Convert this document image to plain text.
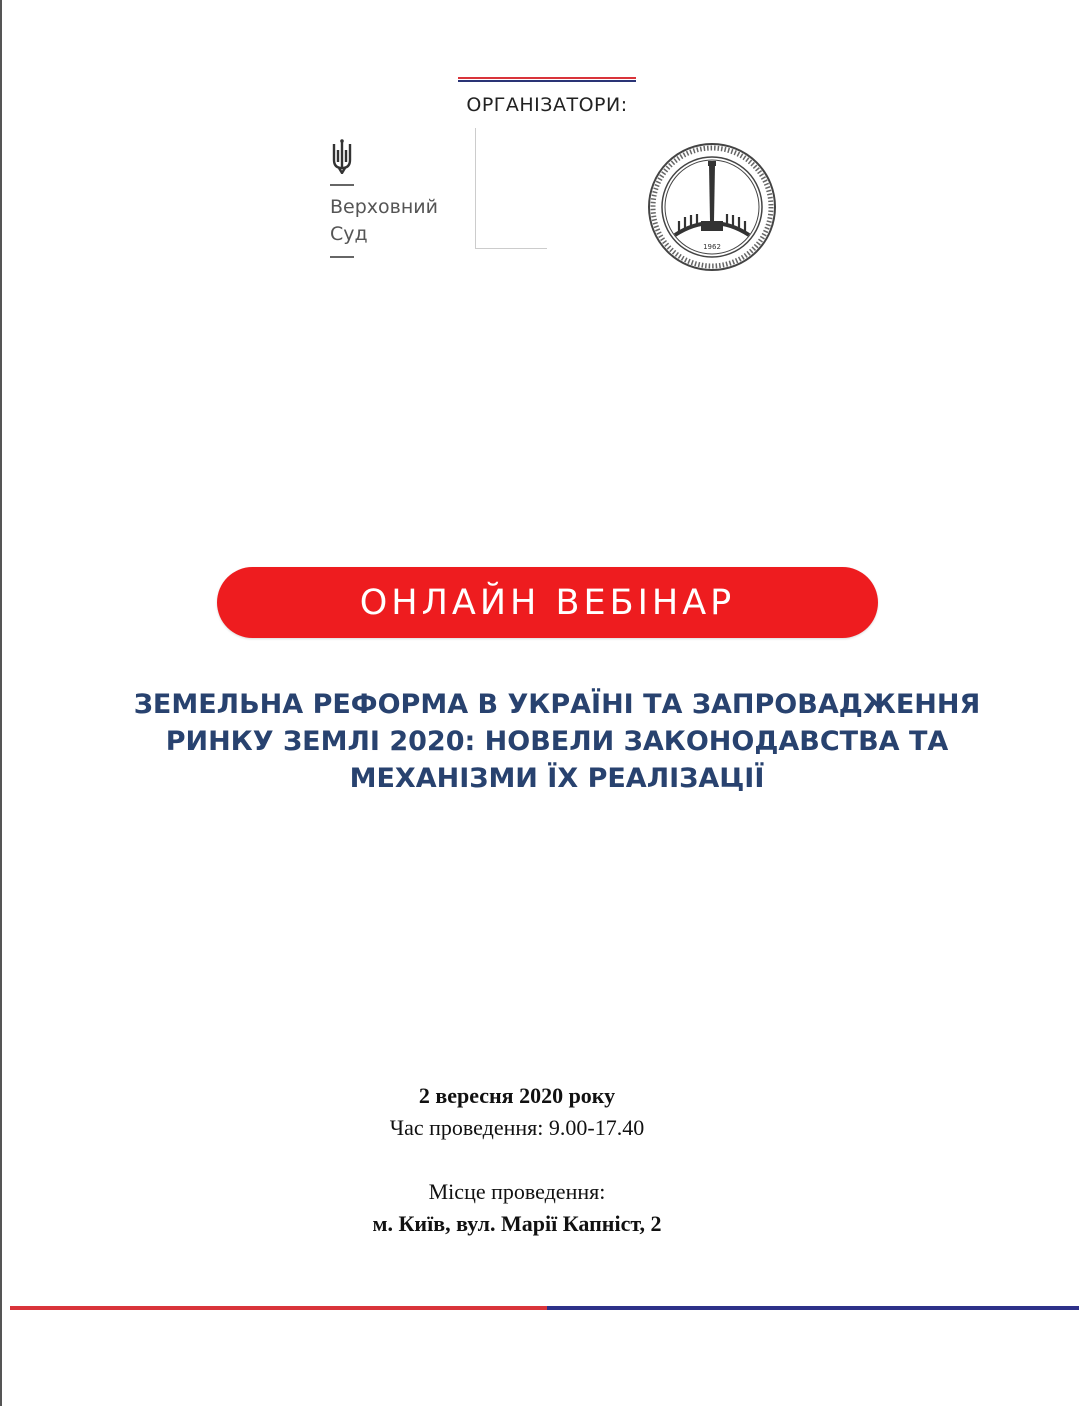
ОРГАНІЗАТОРИ:
Верховний
Суд
1962
ОНЛАЙН ВЕБІНАР
ЗЕМЕЛЬНА РЕФОРМА В УКРАЇНІ ТА ЗАПРОВАДЖЕННЯ
РИНКУ ЗЕМЛІ 2020: НОВЕЛИ ЗАКОНОДАВСТВА ТА
МЕХАНІЗМИ ЇХ РЕАЛІЗАЦІЇ
2 вересня 2020 року
Час проведення: 9.00-17.40
Місце проведення:
м. Київ, вул. Марії Капніст, 2
